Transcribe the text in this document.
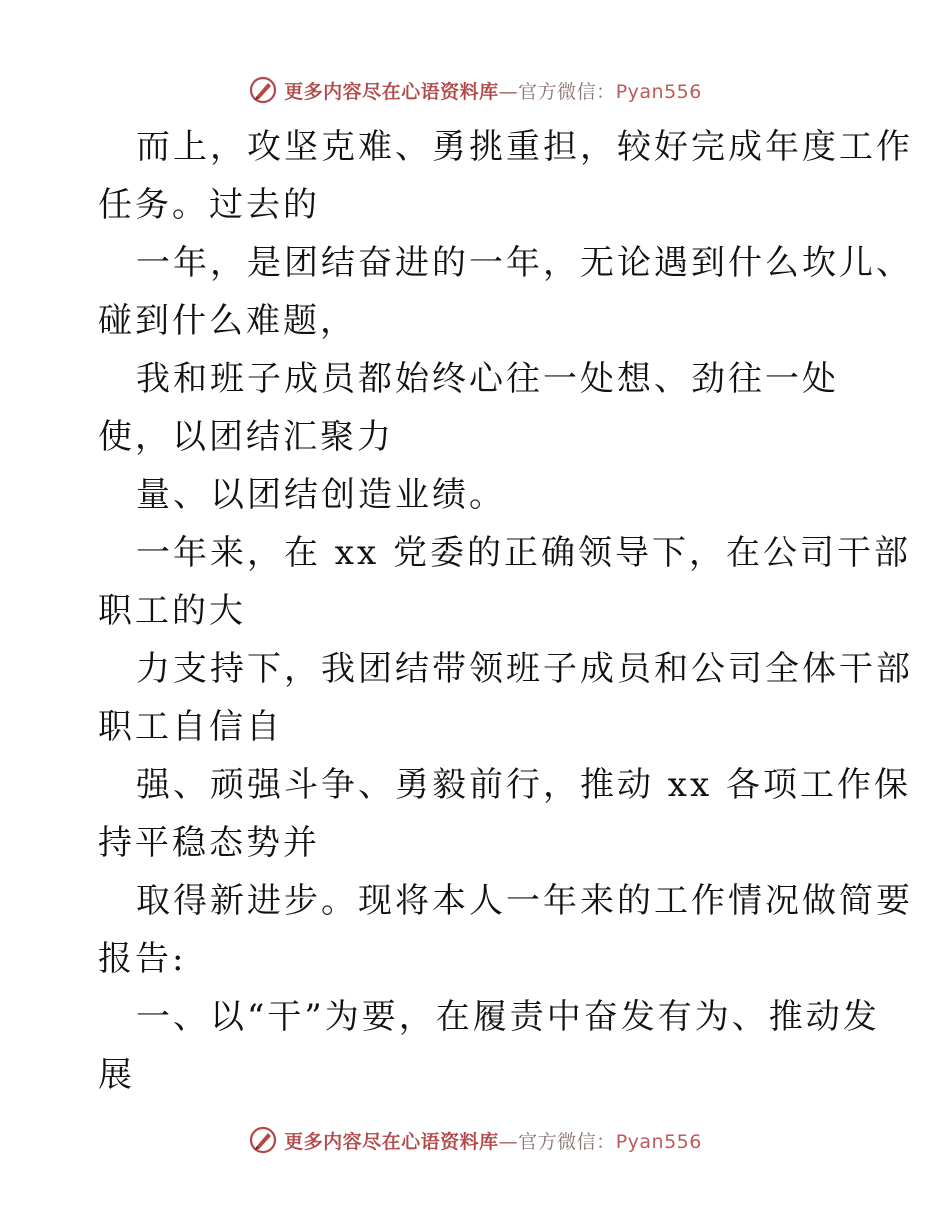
更多内容尽在心语资料库—官方微信：Pyan556
而上，攻坚克难、勇挑重担，较好完成年度工作
任务。过去的
一年，是团结奋进的一年，无论遇到什么坎儿、
碰到什么难题，
我和班子成员都始终心往一处想、劲往一处
使，以团结汇聚力
量、以团结创造业绩。
一年来，在 xx 党委的正确领导下，在公司干部
职工的大
力支持下，我团结带领班子成员和公司全体干部
职工自信自
强、顽强斗争、勇毅前行，推动 xx 各项工作保
持平稳态势并
取得新进步。现将本人一年来的工作情况做简要
报告:
一、以“干”为要，在履责中奋发有为、推动发
展
更多内容尽在心语资料库—官方微信：Pyan556
